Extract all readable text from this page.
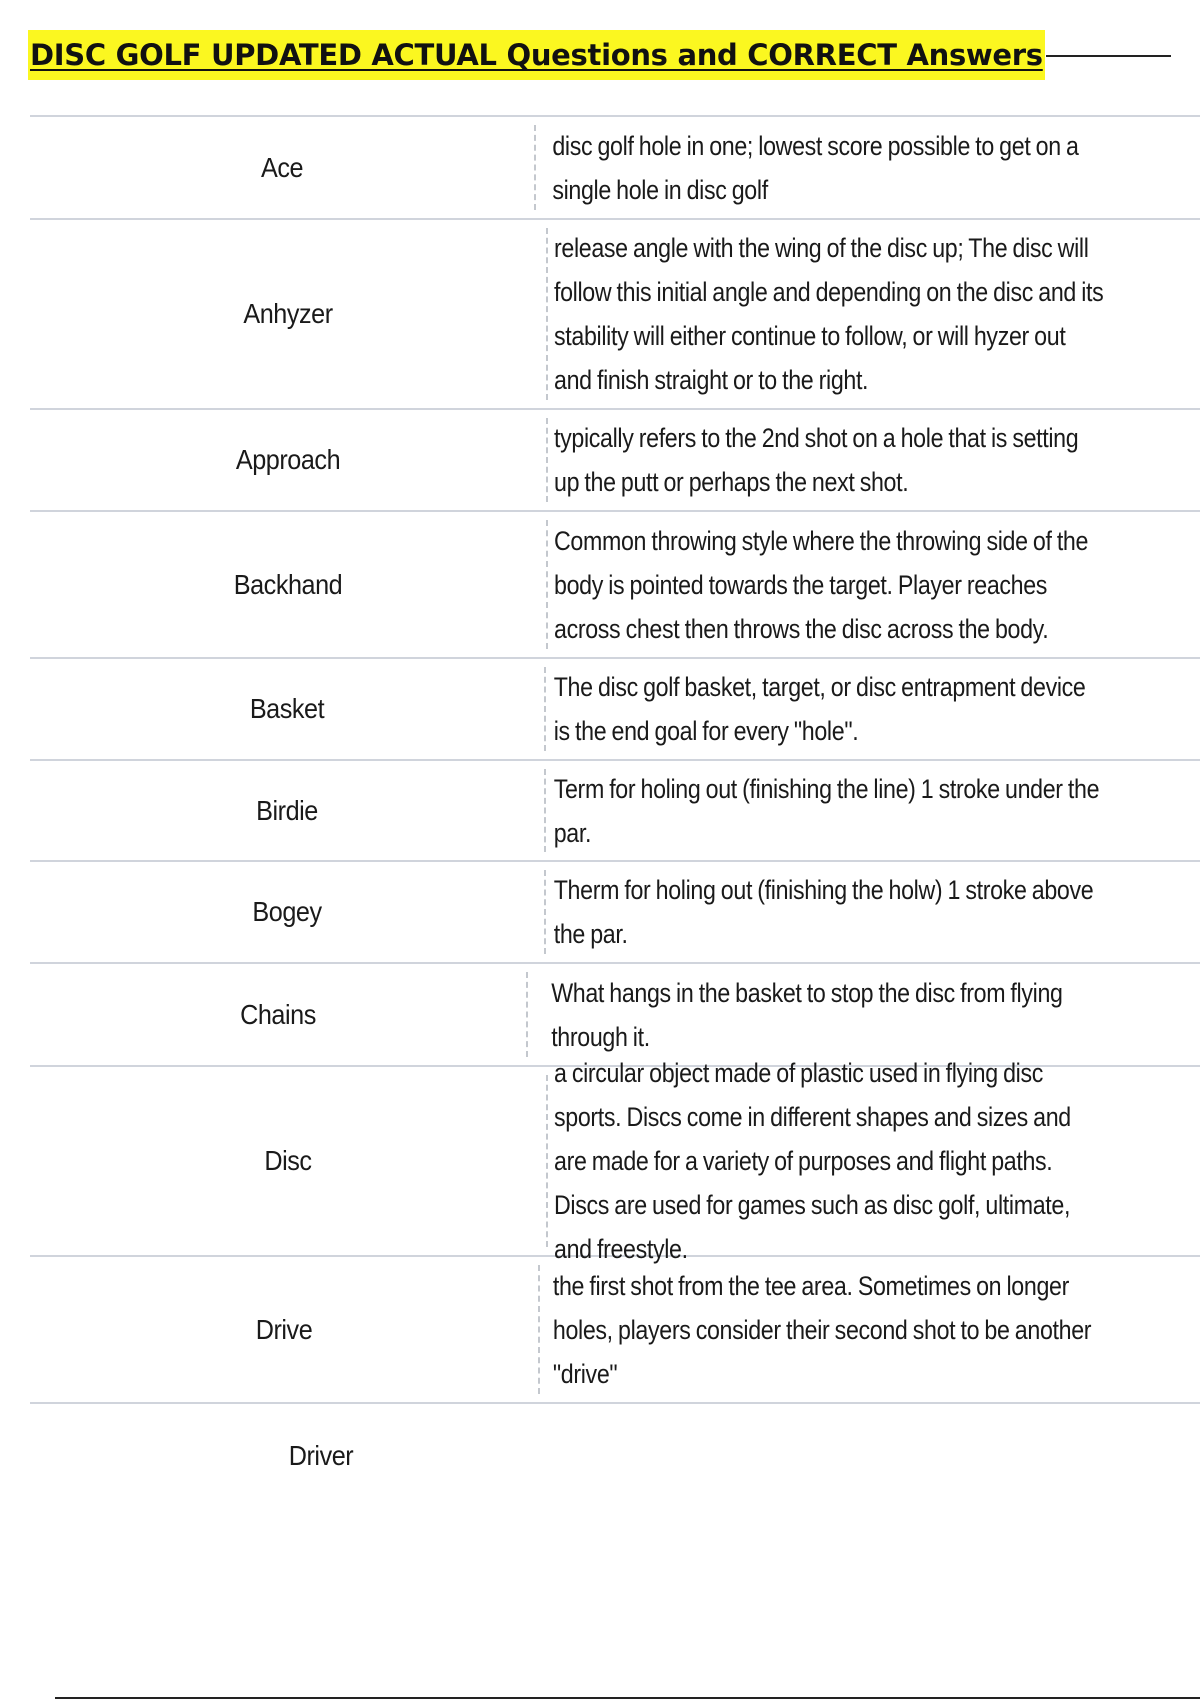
DISC GOLF UPDATED ACTUAL Questions and CORRECT Answers
Ace
disc golf hole in one; lowest score possible to get on a single hole in disc golf
Anhyzer
release angle with the wing of the disc up; The disc will follow this initial angle and depending on the disc and its stability will either continue to follow, or will hyzer out and finish straight or to the right.
Approach
typically refers to the 2nd shot on a hole that is setting up the putt or perhaps the next shot.
Backhand
Common throwing style where the throwing side of the body is pointed towards the target. Player reaches across chest then throws the disc across the body.
Basket
The disc golf basket, target, or disc entrapment device is the end goal for every "hole".
Birdie
Term for holing out (finishing the line) 1 stroke under the par.
Bogey
Therm for holing out (finishing the holw) 1 stroke above the par.
Chains
What hangs in the basket to stop the disc from flying through it.
Disc
a circular object made of plastic used in flying disc sports. Discs come in different shapes and sizes and are made for a variety of purposes and flight paths. Discs are used for games such as disc golf, ultimate, and freestyle.
Drive
the first shot from the tee area. Sometimes on longer holes, players consider their second shot to be another "drive"
Driver
